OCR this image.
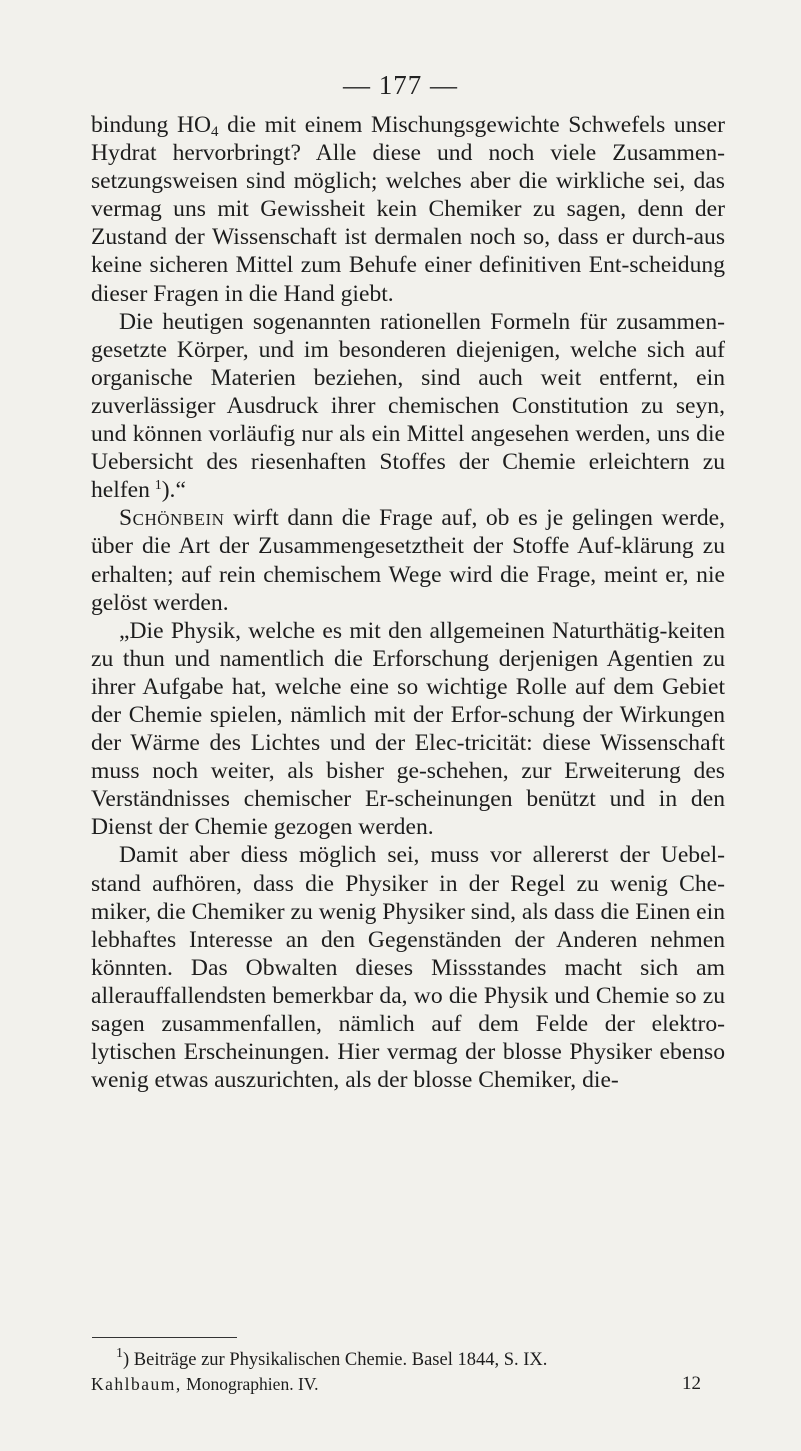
— 177 —

bindung $HO_4$ die mit einem Mischungsgewichte Schwefels unser Hydrat hervorbringt? Alle diese und noch viele Zusammen-setzungsweisen sind möglich; welches aber die wirkliche sei, das vermag uns mit Gewissheit kein Chemiker zu sagen, denn der Zustand der Wissenschaft ist dermalen noch so, dass er durch-aus keine sicheren Mittel zum Behufe einer definitiven Ent-scheidung dieser Fragen in die Hand giebt.

Die heutigen sogenannten rationellen Formeln für zusammen-gesetzte Körper, und im besonderen diejenigen, welche sich auf organische Materien beziehen, sind auch weit entfernt, ein zuverlässiger Ausdruck ihrer chemischen Constitution zu seyn, und können vorläufig nur als ein Mittel angesehen werden, uns die Uebersicht des riesenhaften Stoffes der Chemie erleichtern zu helfen  $^1$).“

Schönbein wirft dann die Frage auf, ob es je gelingen werde, über die Art der Zusammengesetztheit der Stoffe Auf-klärung zu erhalten; auf rein chemischem Wege wird die Frage, meint er, nie gelöst werden.

„Die Physik, welche es mit den allgemeinen Naturthätig-keiten zu thun und namentlich die Erforschung derjenigen Agentien zu ihrer Aufgabe hat, welche eine so wichtige Rolle auf dem Gebiet der Chemie spielen, nämlich mit der Erfor-schung der Wirkungen der Wärme des Lichtes und der Elec-tricität: diese Wissenschaft muss noch weiter, als bisher ge-schehen, zur Erweiterung des Verständnisses chemischer Er-scheinungen benützt und in den Dienst der Chemie gezogen werden.

Damit aber diess möglich sei, muss vor allererst der Uebel-stand aufhören, dass die Physiker in der Regel zu wenig Che-miker, die Chemiker zu wenig Physiker sind, als dass die Einen ein lebhaftes Interesse an den Gegenständen der Anderen nehmen könnten. Das Obwalten dieses Missstandes macht sich am allerauffallendsten bemerkbar da, wo die Physik und Chemie so zu sagen zusammenfallen, nämlich auf dem Felde der elektro-lytischen Erscheinungen. Hier vermag der blosse Physiker ebenso wenig etwas auszurichten, als der blosse Chemiker, die-

$^1$) Beiträge zur Physikalischen Chemie. Basel 1844, S. IX.
Kahlbaum, Monographien. IV.	12
